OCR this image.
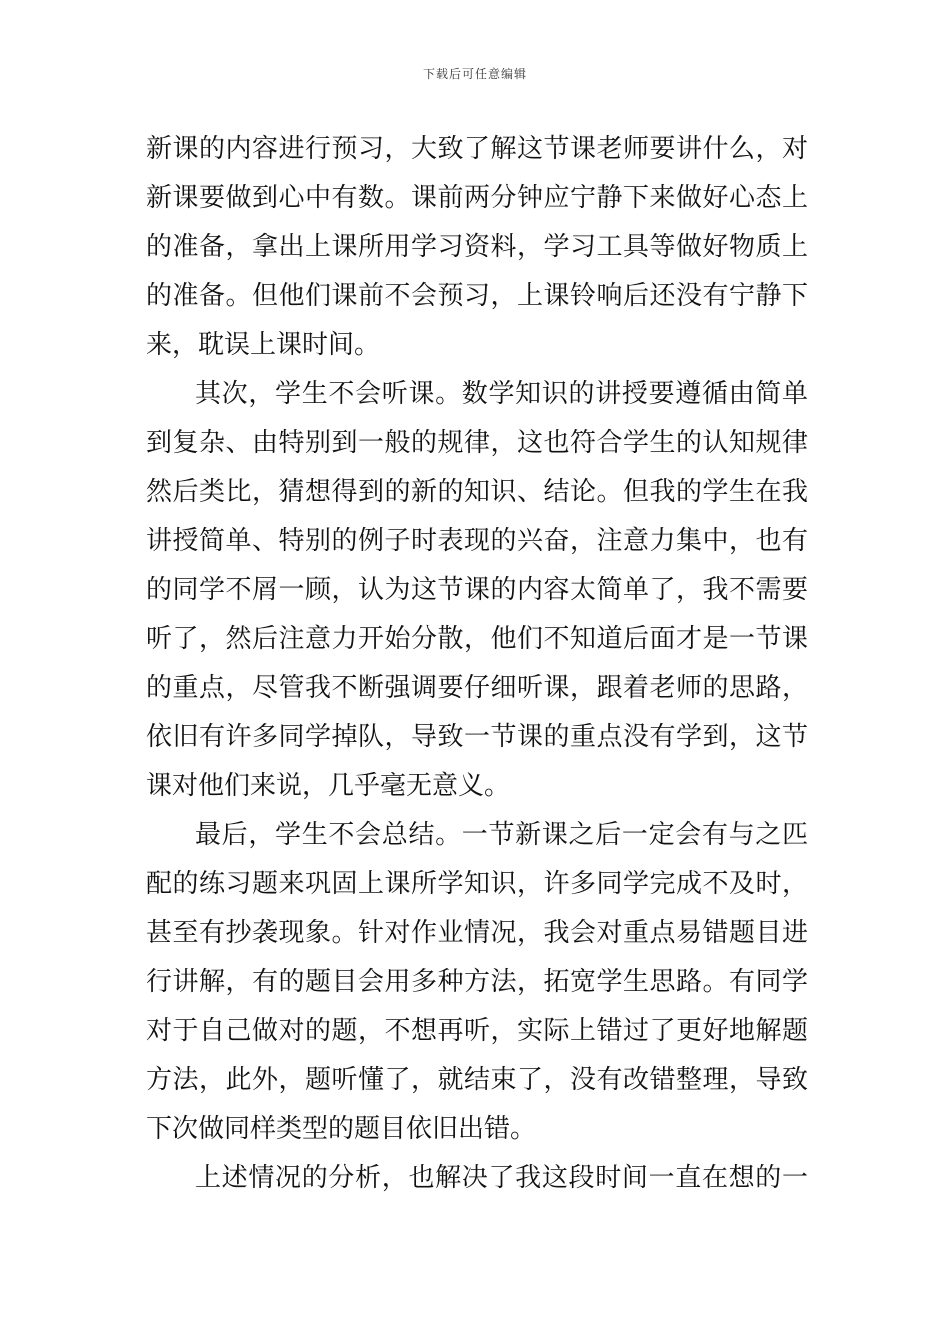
下载后可任意编辑
新课的内容进行预习，大致了解这节课老师要讲什么，对
新课要做到心中有数。课前两分钟应宁静下来做好心态上
的准备，拿出上课所用学习资料，学习工具等做好物质上
的准备。但他们课前不会预习，上课铃响后还没有宁静下
来，耽误上课时间。
其次，学生不会听课。数学知识的讲授要遵循由简单
到复杂、由特别到一般的规律，这也符合学生的认知规律
然后类比，猜想得到的新的知识、结论。但我的学生在我
讲授简单、特别的例子时表现的兴奋，注意力集中，也有
的同学不屑一顾，认为这节课的内容太简单了，我不需要
听了，然后注意力开始分散，他们不知道后面才是一节课
的重点，尽管我不断强调要仔细听课，跟着老师的思路，
依旧有许多同学掉队，导致一节课的重点没有学到，这节
课对他们来说，几乎毫无意义。
最后，学生不会总结。一节新课之后一定会有与之匹
配的练习题来巩固上课所学知识，许多同学完成不及时，
甚至有抄袭现象。针对作业情况，我会对重点易错题目进
行讲解，有的题目会用多种方法，拓宽学生思路。有同学
对于自己做对的题，不想再听，实际上错过了更好地解题
方法，此外，题听懂了，就结束了，没有改错整理，导致
下次做同样类型的题目依旧出错。
上述情况的分析，也解决了我这段时间一直在想的一
